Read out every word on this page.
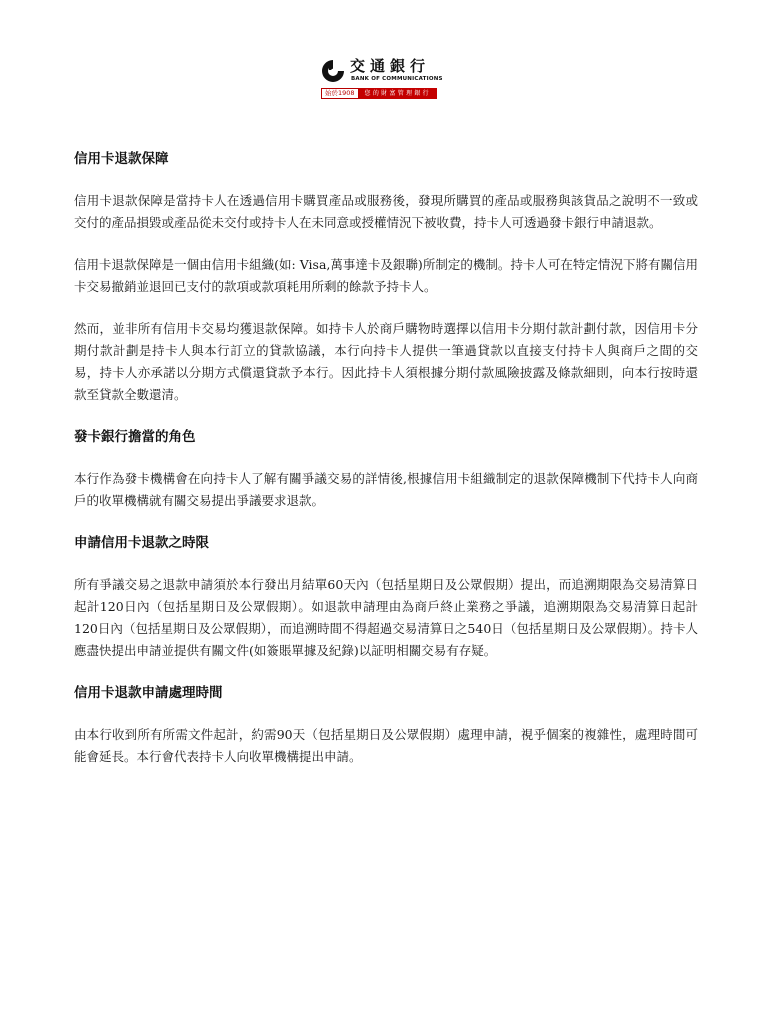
交通銀行
BANK OF COMMUNICATIONS
始於1908	您的財富管理銀行
信用卡退款保障

信用卡退款保障是當持卡人在透過信用卡購買產品或服務後，發現所購買的產品或服務與該貨品之說明不一致或交付的產品損毀或產品從未交付或持卡人在未同意或授權情況下被收費，持卡人可透過發卡銀行申請退款。

信用卡退款保障是一個由信用卡組織(如: Visa,萬事達卡及銀聯)所制定的機制。持卡人可在特定情況下將有關信用卡交易撤銷並退回已支付的款項或款項耗用所剩的餘款予持卡人。

然而，並非所有信用卡交易均獲退款保障。如持卡人於商戶購物時選擇以信用卡分期付款計劃付款，因信用卡分期付款計劃是持卡人與本行訂立的貸款協議，本行向持卡人提供一筆過貸款以直接支付持卡人與商戶之間的交易，持卡人亦承諾以分期方式償還貸款予本行。因此持卡人須根據分期付款風險披露及條款細則，向本行按時還款至貸款全數還清。

發卡銀行擔當的角色

本行作為發卡機構會在向持卡人了解有關爭議交易的詳情後,根據信用卡組織制定的退款保障機制下代持卡人向商戶的收單機構就有關交易提出爭議要求退款。

申請信用卡退款之時限

所有爭議交易之退款申請須於本行發出月結單60天內（包括星期日及公眾假期）提出，而追溯期限為交易清算日起計120日內（包括星期日及公眾假期）。如退款申請理由為商戶終止業務之爭議，追溯期限為交易清算日起計120日內（包括星期日及公眾假期），而追溯時間不得超過交易清算日之540日（包括星期日及公眾假期）。持卡人應盡快提出申請並提供有關文件(如簽賬單據及紀錄)以証明相關交易有存疑。

信用卡退款申請處理時間

由本行收到所有所需文件起計，約需90天（包括星期日及公眾假期）處理申請，視乎個案的複雜性，處理時間可能會延長。本行會代表持卡人向收單機構提出申請。
